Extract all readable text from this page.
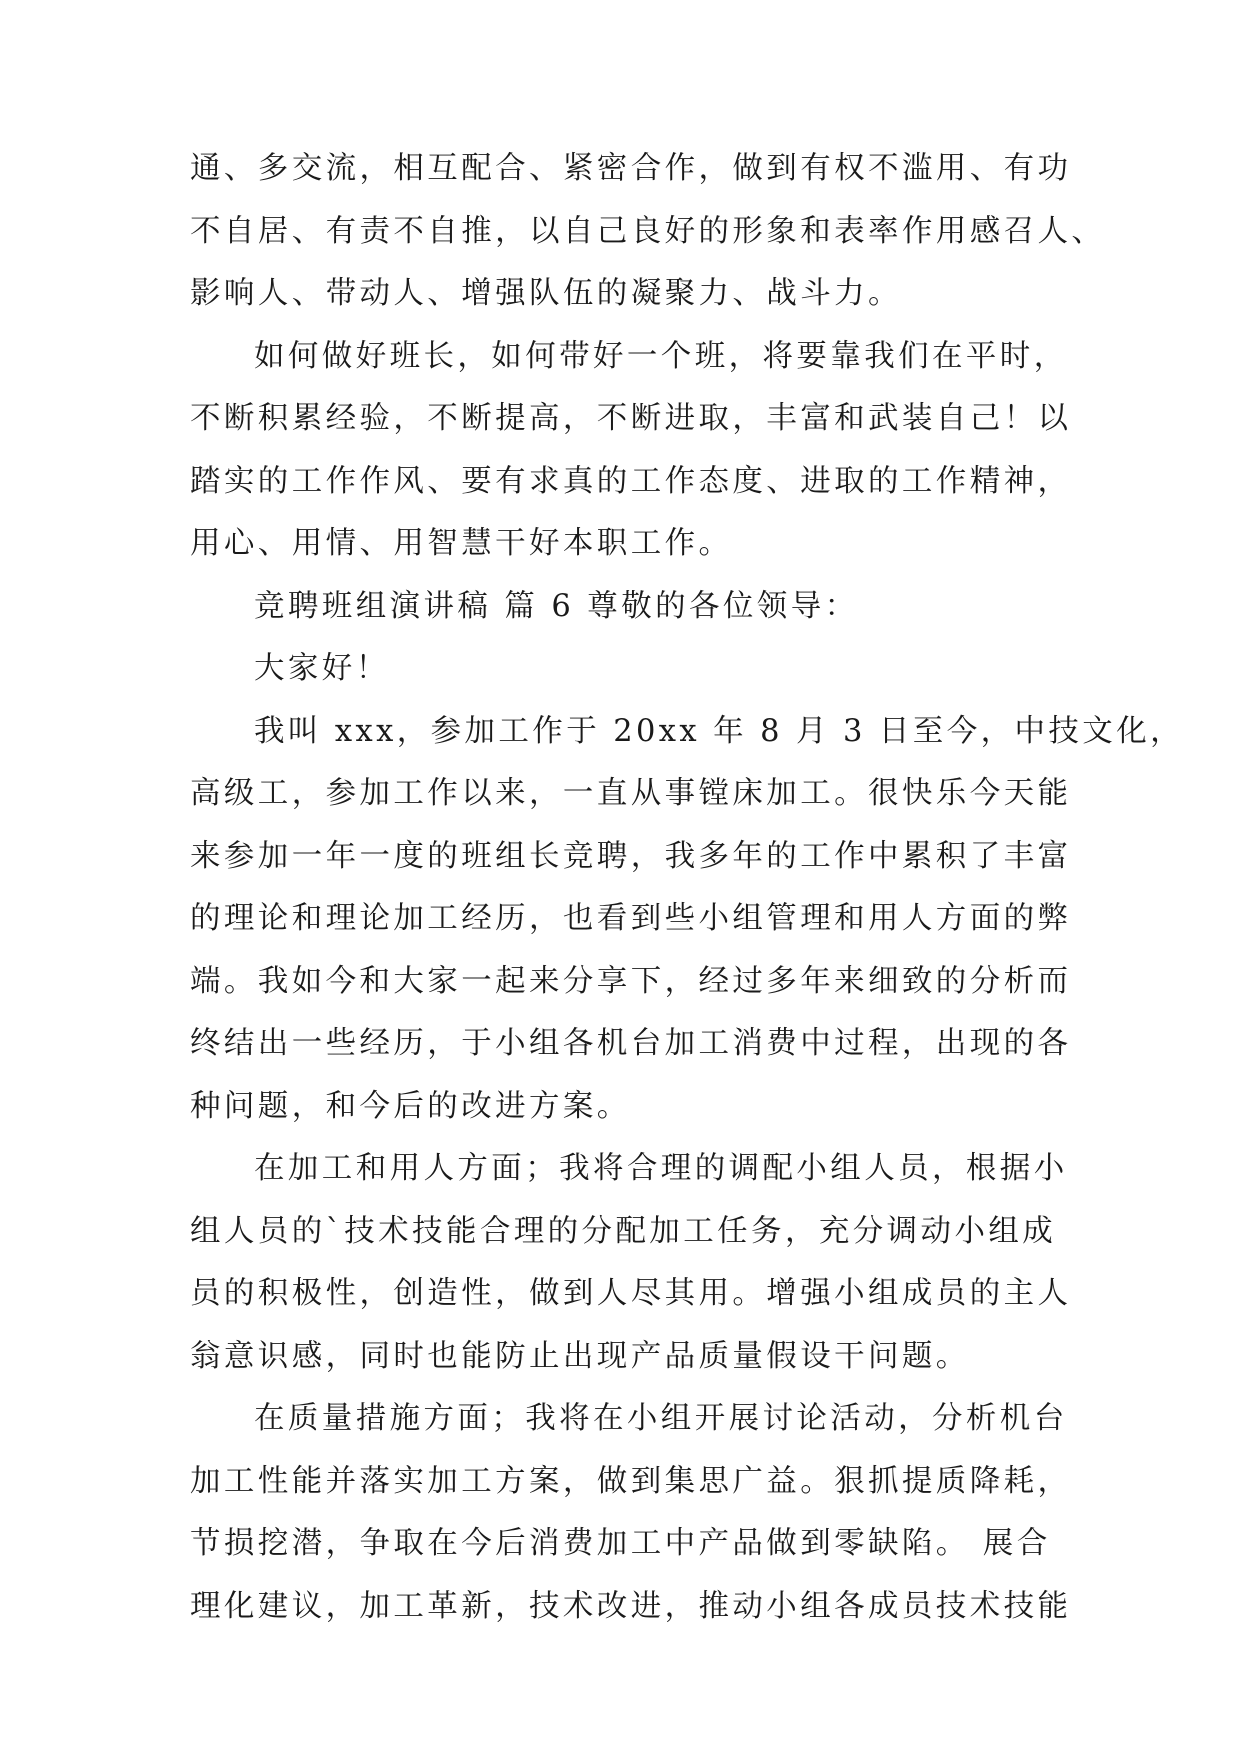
通、多交流，相互配合、紧密合作，做到有权不滥用、有功
不自居、有责不自推，以自己良好的形象和表率作用感召人、
影响人、带动人、增强队伍的凝聚力、战斗力。
如何做好班长，如何带好一个班，将要靠我们在平时，
不断积累经验，不断提高，不断进取，丰富和武装自己！以
踏实的工作作风、要有求真的工作态度、进取的工作精神，
用心、用情、用智慧干好本职工作。
竞聘班组演讲稿 篇 6 尊敬的各位领导：
大家好！
我叫 xxx，参加工作于 20xx 年 8 月 3 日至今，中技文化，
高级工，参加工作以来，一直从事镗床加工。很快乐今天能
来参加一年一度的班组长竞聘，我多年的工作中累积了丰富
的理论和理论加工经历，也看到些小组管理和用人方面的弊
端。我如今和大家一起来分享下，经过多年来细致的分析而
终结出一些经历，于小组各机台加工消费中过程，出现的各
种问题，和今后的改进方案。
在加工和用人方面；我将合理的调配小组人员，根据小
组人员的`技术技能合理的分配加工任务，充分调动小组成
员的积极性，创造性，做到人尽其用。增强小组成员的主人
翁意识感，同时也能防止出现产品质量假设干问题。
在质量措施方面；我将在小组开展讨论活动，分析机台
加工性能并落实加工方案，做到集思广益。狠抓提质降耗，
节损挖潜，争取在今后消费加工中产品做到零缺陷。 展合
理化建议，加工革新，技术改进，推动小组各成员技术技能
